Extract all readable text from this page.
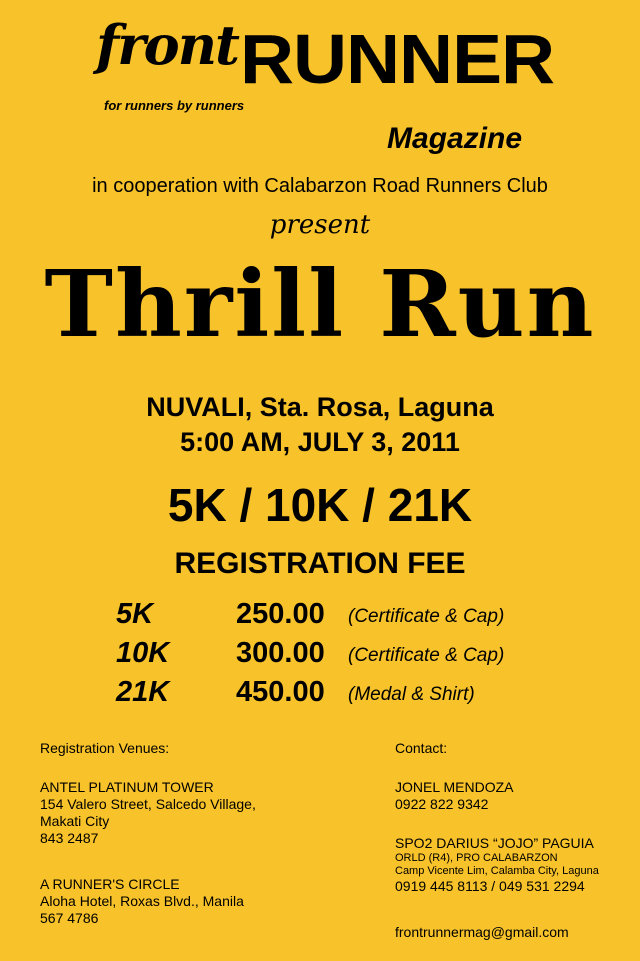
front RUNNER
for runners by runners
Magazine
in cooperation with Calabarzon Road Runners Club
present
Thrill Run
NUVALI, Sta. Rosa, Laguna
5:00 AM, JULY 3, 2011
5K / 10K / 21K
REGISTRATION FEE
5K	250.00 (Certificate & Cap)
10K 300.00 (Certificate & Cap)
21K 450.00 (Medal & Shirt)
Registration Venues:
ANTEL PLATINUM TOWER
154 Valero Street, Salcedo Village,
Makati City
843 2487
A RUNNER'S CIRCLE
Aloha Hotel, Roxas Blvd., Manila
567 4786
Contact:
JONEL MENDOZA
0922 822 9342
SPO2 DARIUS “JOJO” PAGUIA
ORLD (R4), PRO CALABARZON
Camp Vicente Lim, Calamba City, Laguna
0919 445 8113 / 049 531 2294
frontrunnermag@gmail.com
